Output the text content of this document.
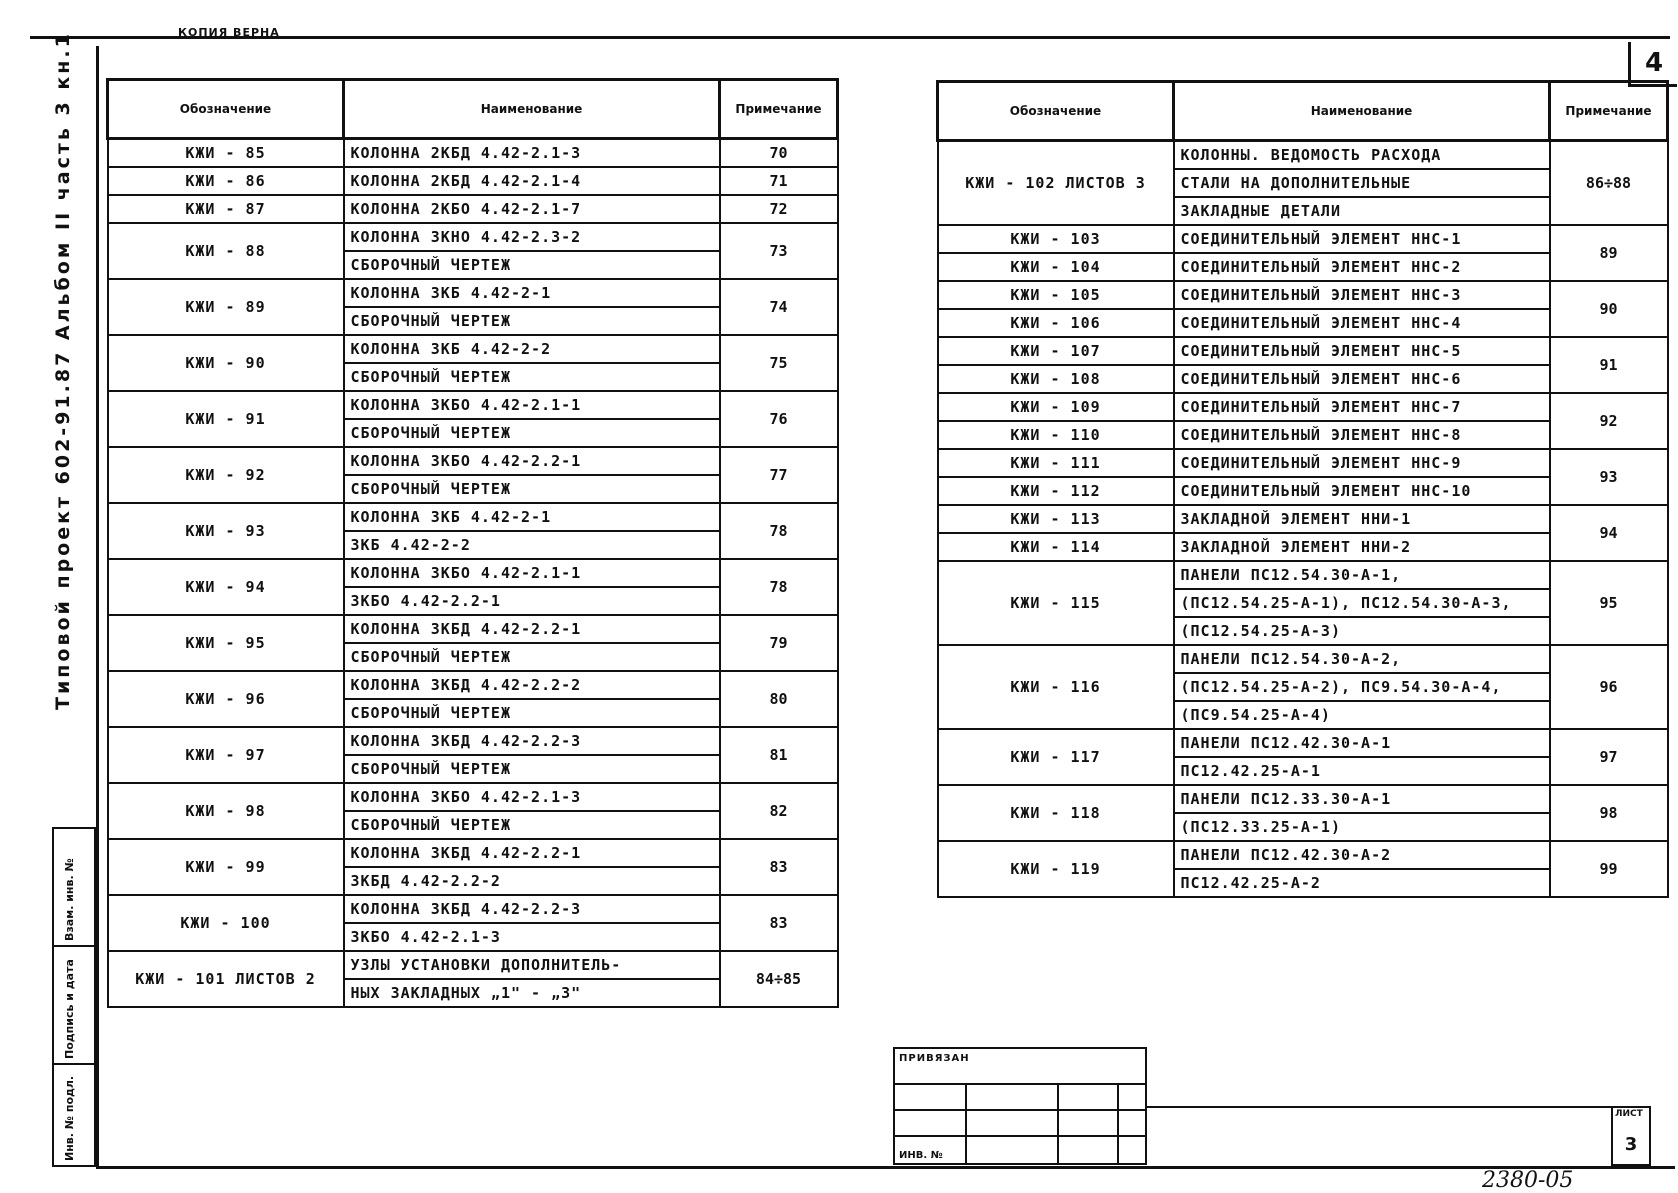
КОПИЯ ВЕРНА
4
Типовой проект 602-91.87 Альбом II часть 3 кн.1
Взам. инв. №
Подпись и дата
Инв. № подл.
Обозначение	Наименование	Примечание
КЖИ - 85	КОЛОННА 2КБД 4.42-2.1-3	70
КЖИ - 86	КОЛОННА 2КБД 4.42-2.1-4	71
КЖИ - 87	КОЛОННА 2КБО 4.42-2.1-7	72
КЖИ - 88	КОЛОННА 3КНО 4.42-2.3-2	73
	СБОРОЧНЫЙ ЧЕРТЕЖ	
КЖИ - 89	КОЛОННА 3КБ 4.42-2-1	74
	СБОРОЧНЫЙ ЧЕРТЕЖ	
КЖИ - 90	КОЛОННА 3КБ 4.42-2-2	75
	СБОРОЧНЫЙ ЧЕРТЕЖ	
КЖИ - 91	КОЛОННА 3КБО 4.42-2.1-1	76
	СБОРОЧНЫЙ ЧЕРТЕЖ	
КЖИ - 92	КОЛОННА 3КБО 4.42-2.2-1	77
	СБОРОЧНЫЙ ЧЕРТЕЖ	
КЖИ - 93	КОЛОННА 3КБ 4.42-2-1	78
	3КБ 4.42-2-2	
КЖИ - 94	КОЛОННА 3КБО 4.42-2.1-1	78
	3КБО 4.42-2.2-1	
КЖИ - 95	КОЛОННА 3КБД 4.42-2.2-1	79
	СБОРОЧНЫЙ ЧЕРТЕЖ	
КЖИ - 96	КОЛОННА 3КБД 4.42-2.2-2	80
	СБОРОЧНЫЙ ЧЕРТЕЖ	
КЖИ - 97	КОЛОННА 3КБД 4.42-2.2-3	81
	СБОРОЧНЫЙ ЧЕРТЕЖ	
КЖИ - 98	КОЛОННА 3КБО 4.42-2.1-3	82
	СБОРОЧНЫЙ ЧЕРТЕЖ	
КЖИ - 99	КОЛОННА 3КБД 4.42-2.2-1	83
	3КБД 4.42-2.2-2	
КЖИ - 100	КОЛОННА 3КБД 4.42-2.2-3	83
	3КБО 4.42-2.1-3	
КЖИ - 101 ЛИСТОВ 2	УЗЛЫ УСТАНОВКИ ДОПОЛНИТЕЛЬ-	84÷85
	НЫХ ЗАКЛАДНЫХ „1" - „3"	
Обозначение	Наименование	Примечание
КЖИ - 102 ЛИСТОВ 3	КОЛОННЫ. ВЕДОМОСТЬ РАСХОДА	86÷88
	СТАЛИ НА ДОПОЛНИТЕЛЬНЫЕ	
	ЗАКЛАДНЫЕ ДЕТАЛИ	
КЖИ - 103	СОЕДИНИТЕЛЬНЫЙ ЭЛЕМЕНТ ННС-1	89
КЖИ - 104	СОЕДИНИТЕЛЬНЫЙ ЭЛЕМЕНТ ННС-2	
КЖИ - 105	СОЕДИНИТЕЛЬНЫЙ ЭЛЕМЕНТ ННС-3	90
КЖИ - 106	СОЕДИНИТЕЛЬНЫЙ ЭЛЕМЕНТ ННС-4	
КЖИ - 107	СОЕДИНИТЕЛЬНЫЙ ЭЛЕМЕНТ ННС-5	91
КЖИ - 108	СОЕДИНИТЕЛЬНЫЙ ЭЛЕМЕНТ ННС-6	
КЖИ - 109	СОЕДИНИТЕЛЬНЫЙ ЭЛЕМЕНТ ННС-7	92
КЖИ - 110	СОЕДИНИТЕЛЬНЫЙ ЭЛЕМЕНТ ННС-8	
КЖИ - 111	СОЕДИНИТЕЛЬНЫЙ ЭЛЕМЕНТ ННС-9	93
КЖИ - 112	СОЕДИНИТЕЛЬНЫЙ ЭЛЕМЕНТ ННС-10	
КЖИ - 113	ЗАКЛАДНОЙ ЭЛЕМЕНТ ННИ-1	94
КЖИ - 114	ЗАКЛАДНОЙ ЭЛЕМЕНТ ННИ-2	
КЖИ - 115	ПАНЕЛИ ПС12.54.30-А-1,	95
	(ПС12.54.25-А-1), ПС12.54.30-А-3,	
	(ПС12.54.25-А-3)	
КЖИ - 116	ПАНЕЛИ ПС12.54.30-А-2,	96
	(ПС12.54.25-А-2), ПС9.54.30-А-4,	
	(ПС9.54.25-А-4)	
КЖИ - 117	ПАНЕЛИ ПС12.42.30-А-1	97
	ПС12.42.25-А-1	
КЖИ - 118	ПАНЕЛИ ПС12.33.30-А-1	98
	(ПС12.33.25-А-1)	
КЖИ - 119	ПАНЕЛИ ПС12.42.30-А-2	99
	ПС12.42.25-А-2	
ПРИВЯЗАН
ИНВ. №
ЛИСТ
3
2380-05
